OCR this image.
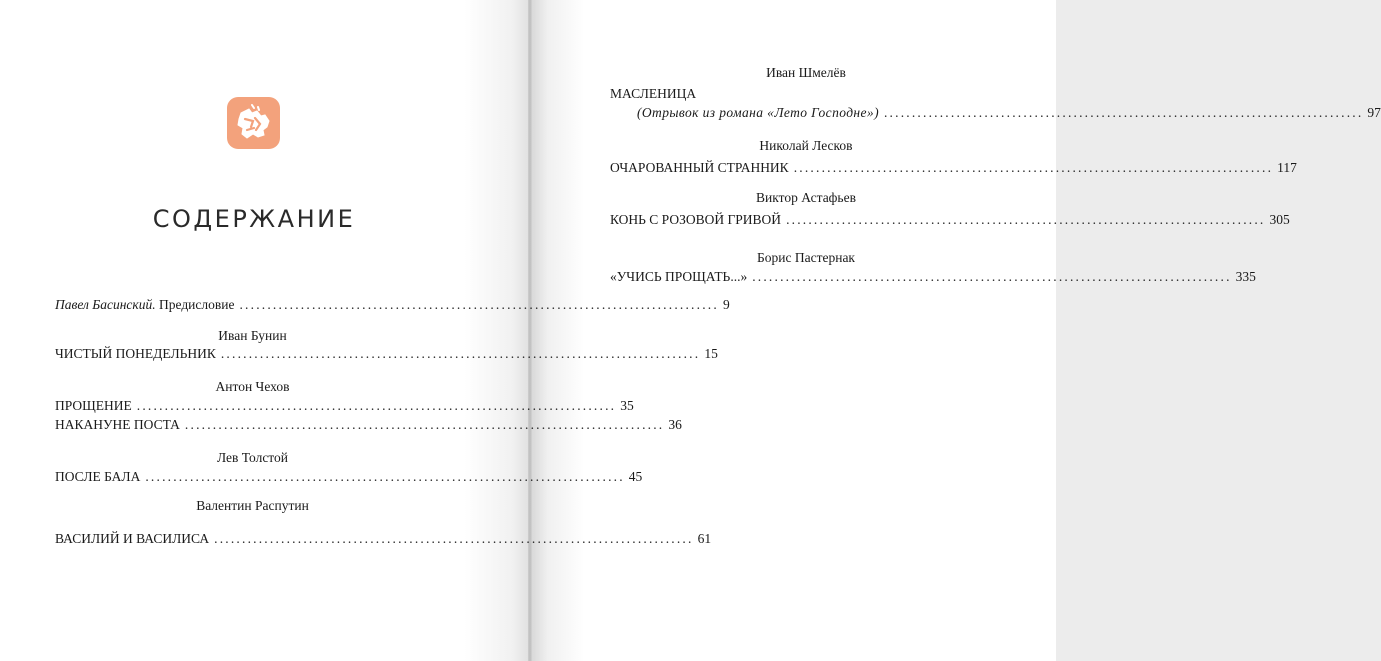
СОДЕРЖАНИЕ
Павел Басинский. Предисловие ...................................................................................... 9
Иван Бунин
ЧИСТЫЙ ПОНЕДЕЛЬНИК ...................................................................................... 15
Антон Чехов
ПРОЩЕНИЕ ...................................................................................... 35
НАКАНУНЕ ПОСТА ...................................................................................... 36
Лев Толстой
ПОСЛЕ БАЛА ...................................................................................... 45
Валентин Распутин
ВАСИЛИЙ И ВАСИЛИСА ...................................................................................... 61
Иван Шмелёв
МАСЛЕНИЦА
(Отрывок из романа «Лето Господне») ...................................................................................... 97
Николай Лесков
ОЧАРОВАННЫЙ СТРАННИК ...................................................................................... 117
Виктор Астафьев
КОНЬ С РОЗОВОЙ ГРИВОЙ ...................................................................................... 305
Борис Пастернак
«УЧИСЬ ПРОЩАТЬ...» ...................................................................................... 335
